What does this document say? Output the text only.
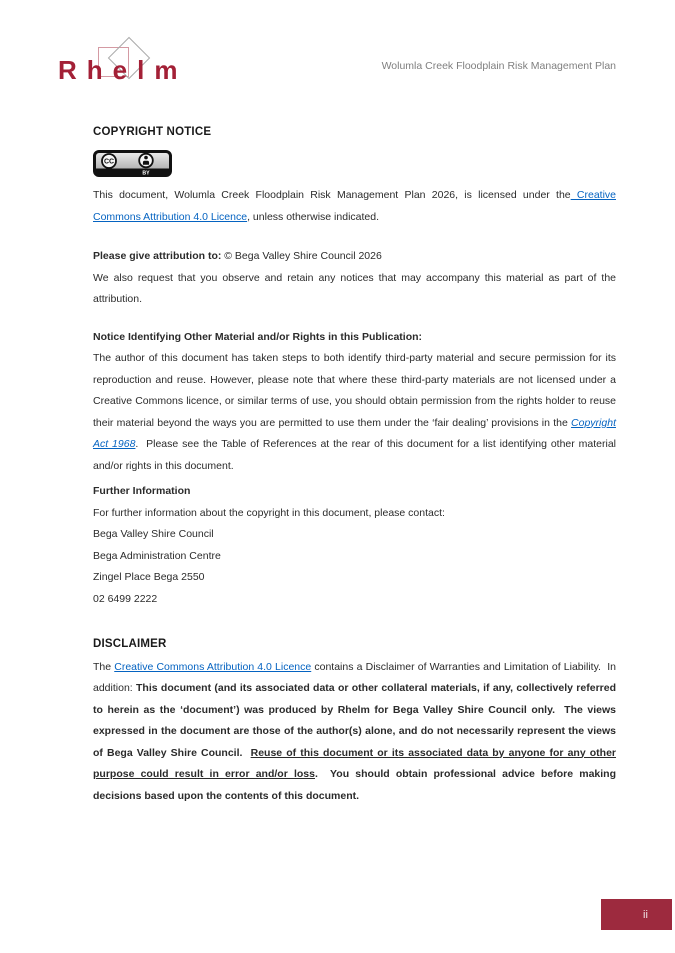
Rhelm	Wolumla Creek Floodplain Risk Management Plan
COPYRIGHT NOTICE
CC
BY

This document, Wolumla Creek Floodplain Risk Management Plan 2026, is licensed under the Creative Commons Attribution 4.0 Licence, unless otherwise indicated.

Please give attribution to: © Bega Valley Shire Council 2026

We also request that you observe and retain any notices that may accompany this material as part of the attribution.

Notice Identifying Other Material and/or Rights in this Publication:

The author of this document has taken steps to both identify third-party material and secure permission for its reproduction and reuse. However, please note that where these third-party materials are not licensed under a Creative Commons licence, or similar terms of use, you should obtain permission from the rights holder to reuse their material beyond the ways you are permitted to use them under the ‘fair dealing’ provisions in the Copyright Act 1968.  Please see the Table of References at the rear of this document for a list identifying other material and/or rights in this document.

Further Information

For further information about the copyright in this document, please contact:

Bega Valley Shire Council

Bega Administration Centre

Zingel Place Bega 2550

02 6499 2222

DISCLAIMER

The Creative Commons Attribution 4.0 Licence contains a Disclaimer of Warranties and Limitation of Liability.  In addition: This document (and its associated data or other collateral materials, if any, collectively referred to herein as the ‘document’) was produced by Rhelm for Bega Valley Shire Council only.  The views expressed in the document are those of the author(s) alone, and do not necessarily represent the views of Bega Valley Shire Council.  Reuse of this document or its associated data by anyone for any other purpose could result in error and/or loss.  You should obtain professional advice before making decisions based upon the contents of this document.

ii
